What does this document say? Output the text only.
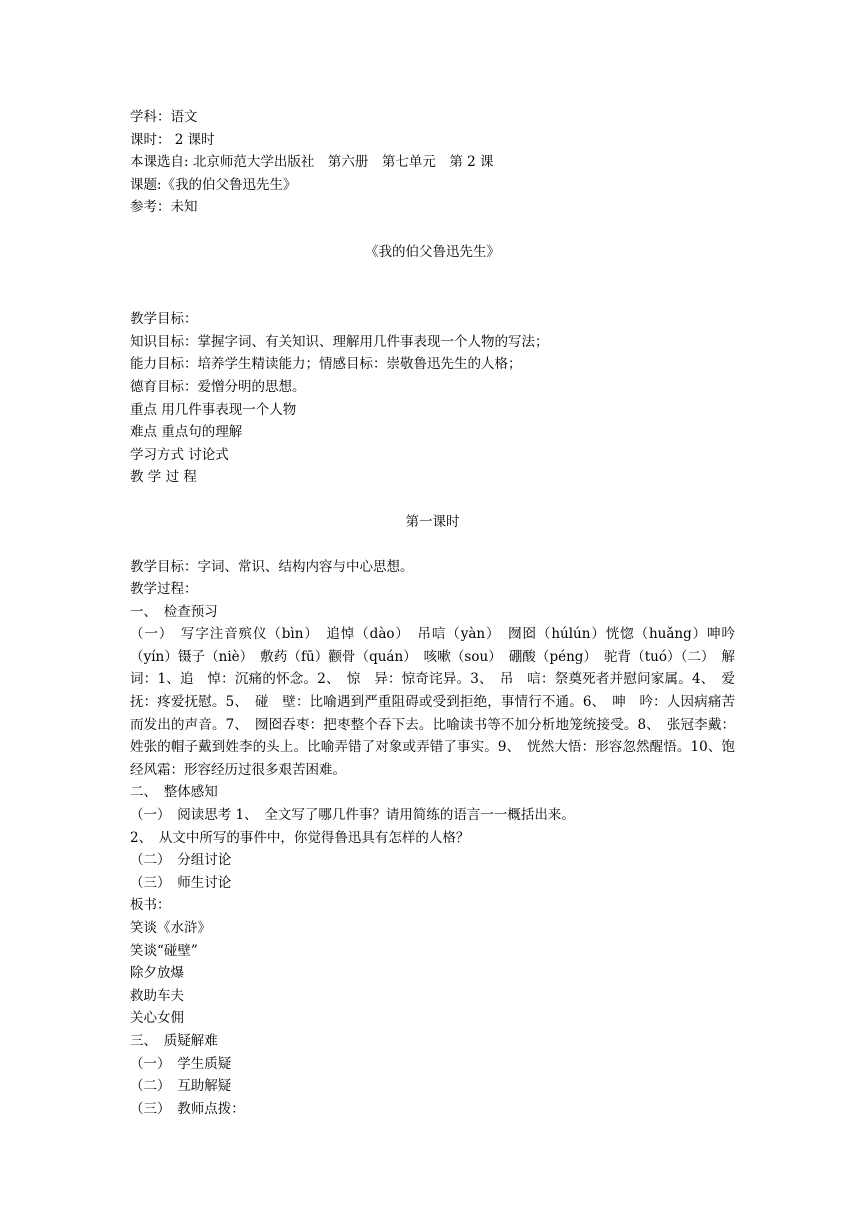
学科：语文
课时： 2 课时
本课选自: 北京师范大学出版社　第六册　第七单元　第 2 课
课题:《我的伯父鲁迅先生》
参考：未知
《我的伯父鲁迅先生》
教学目标：
知识目标：掌握字词、有关知识、理解用几件事表现一个人物的写法；
能力目标：培养学生精读能力；情感目标：崇敬鲁迅先生的人格；
德育目标：爱憎分明的思想。
重点 用几件事表现一个人物
难点 重点句的理解
学习方式 讨论式
教 学 过 程
第一课时
教学目标：字词、常识、结构内容与中心思想。
教学过程：
一、　检查预习
（一）　写字注音殡仪（bìn）　追悼（dào）　吊唁（yàn）　囫囵（húlún）恍惚（huǎng）呻吟（yín）镊子（niè）　敷药（fū）颧骨（quán）　咳嗽（sou）　硼酸（péng）　驼背（tuó）（二）　解词：1、追　悼：沉痛的怀念。2、　惊　异：惊奇诧异。3、　吊　唁：祭奠死者并慰问家属。4、　爱　抚：疼爱抚慰。5、　碰　壁：比喻遇到严重阻碍或受到拒绝，事情行不通。6、　呻　吟：人因病痛苦而发出的声音。7、　囫囵吞枣：把枣整个吞下去。比喻读书等不加分析地笼统接受。8、　张冠李戴：姓张的帽子戴到姓李的头上。比喻弄错了对象或弄错了事实。9、　恍然大悟：形容忽然醒悟。10、饱经风霜：形容经历过很多艰苦困难。
二、　整体感知
（一）　阅读思考 1、　全文写了哪几件事？请用简练的语言一一概括出来。
2、　从文中所写的事件中，你觉得鲁迅具有怎样的人格？
（二）　分组讨论
（三）　师生讨论
板书：
笑谈《水浒》
笑谈“碰壁”
除夕放爆
救助车夫
关心女佣
三、　质疑解难
（一）　学生质疑
（二）　互助解疑
（三）　教师点拨：
